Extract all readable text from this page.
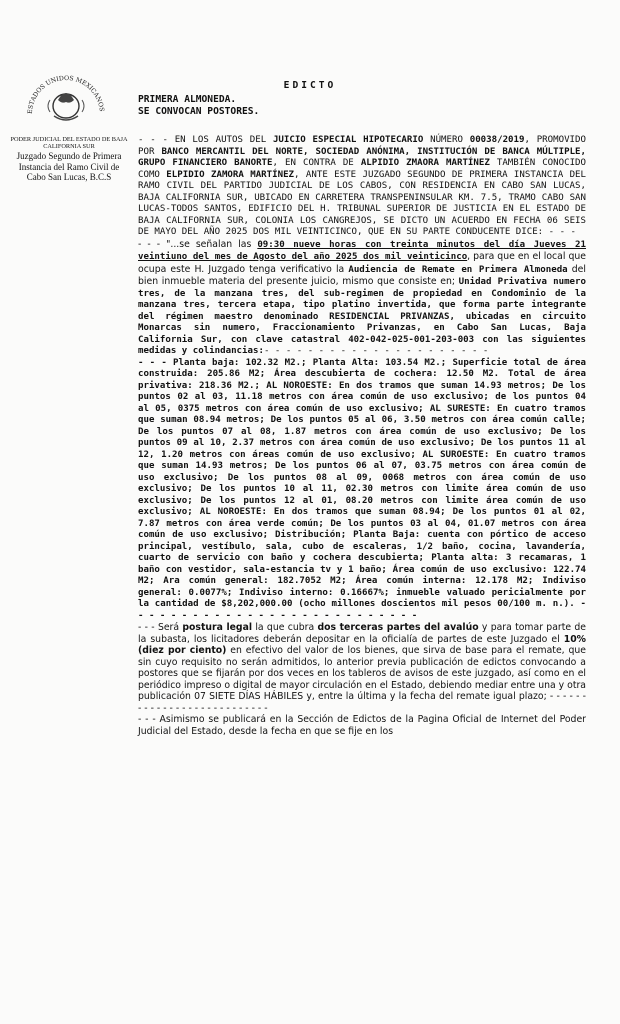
ESTADOS UNIDOS MEXICANOS
PODER JUDICIAL DEL ESTADO DE BAJA
CALIFORNIA SUR
Juzgado Segundo de Primera
Instancia del Ramo Civil de
Cabo San Lucas, B.C.S
EDICTO
PRIMERA ALMONEDA.
SE CONVOCAN POSTORES.

- - - EN LOS AUTOS DEL JUICIO ESPECIAL HIPOTECARIO NÚMERO 00038/2019, PROMOVIDO POR BANCO MERCANTIL DEL NORTE, SOCIEDAD ANÓNIMA, INSTITUCIÓN DE BANCA MÚLTIPLE, GRUPO FINANCIERO BANORTE, EN CONTRA DE ALPIDIO ZMAORA MARTÍNEZ TAMBIÉN CONOCIDO COMO ELPIDIO ZAMORA MARTÍNEZ, ANTE ESTE JUZGADO SEGUNDO DE PRIMERA INSTANCIA DEL RAMO CIVIL DEL PARTIDO JUDICIAL DE LOS CABOS, CON RESIDENCIA EN CABO SAN LUCAS, BAJA CALIFORNIA SUR, UBICADO EN CARRETERA TRANSPENINSULAR KM. 7.5, TRAMO CABO SAN LUCAS-TODOS SANTOS, EDIFICIO DEL H. TRIBUNAL SUPERIOR DE JUSTICIA EN EL ESTADO DE BAJA CALIFORNIA SUR, COLONIA LOS CANGREJOS, SE DICTO UN ACUERDO EN FECHA 06 SEIS DE MAYO DEL AÑO 2025 DOS MIL VEINTICINCO, QUE EN SU PARTE CONDUCENTE DICE: - - -

- - - "...se señalan las 09:30 nueve horas con treinta minutos del día Jueves 21 veintiuno del mes de Agosto del año 2025 dos mil veinticinco, para que en el local que ocupa este H. Juzgado tenga verificativo la Audiencia de Remate en Primera Almoneda del bien inmueble materia del presente juicio, mismo que consiste en; Unidad Privativa numero tres, de la manzana tres, del sub-regimen de propiedad en Condominio de la manzana tres, tercera etapa, tipo platino invertida, que forma parte integrante del régimen maestro denominado RESIDENCIAL PRIVANZAS, ubicadas en circuito Monarcas sin numero, Fraccionamiento Privanzas, en Cabo San Lucas, Baja California Sur, con clave catastral 402-042-025-001-203-003 con las siguientes medidas y colindancias:- - - - - - - - - - - - - - - - - - - - -

- - - Planta baja: 102.32 M2.; Planta Alta: 103.54 M2.; Superficie total de área construida: 205.86 M2; Área descubierta de cochera: 12.50 M2. Total de área privativa: 218.36 M2.; AL NOROESTE: En dos tramos que suman 14.93 metros; De los puntos 02 al 03, 11.18 metros con área común de uso exclusivo; de los puntos 04 al 05, 0375 metros con área común de uso exclusivo; AL SURESTE: En cuatro tramos que suman 08.94 metros; De los puntos 05 al 06, 3.50 metros con área común calle; De los puntos 07 al 08, 1.87 metros con área común de uso exclusivo; De los puntos 09 al 10, 2.37 metros con área común de uso exclusivo; De los puntos 11 al 12, 1.20 metros con áreas común de uso exclusivo; AL SUROESTE: En cuatro tramos que suman 14.93 metros; De los puntos 06 al 07, 03.75 metros con área común de uso exclusivo; De los puntos 08 al 09, 0068 metros con área común de uso exclusivo; De los puntos 10 al 11, 02.30 metros con limite área común de uso exclusivo; De los puntos 12 al 01, 08.20 metros con limite área común de uso exclusivo; AL NOROESTE: En dos tramos que suman 08.94; De los puntos 01 al 02, 7.87 metros con área verde común; De los puntos 03 al 04, 01.07 metros con área común de uso exclusivo; Distribución; Planta Baja: cuenta con pórtico de acceso principal, vestíbulo, sala, cubo de escaleras, 1/2 baño, cocina, lavandería, cuarto de servicio con baño y cochera descubierta; Planta alta: 3 recamaras, 1 baño con vestidor, sala-estancia tv y 1 baño; Área común de uso exclusivo: 122.74 M2; Ara común general: 182.7052 M2; Área común interna: 12.178 M2; Indiviso general: 0.0077%; Indiviso interno: 0.16667%; inmueble valuado pericialmente por la cantidad de $8,202,000.00 (ocho millones doscientos mil pesos 00/100 m. n.). - - - - - - - - - - - - - - - - - - - - - - - - - - -

- - - Será postura legal la que cubra dos terceras partes del avalúo y para tomar parte de la subasta, los licitadores deberán depositar en la oficialía de partes de este Juzgado el 10% (diez por ciento) en efectivo del valor de los bienes, que sirva de base para el remate, que sin cuyo requisito no serán admitidos, lo anterior previa publicación de edictos convocando a postores que se fijarán por dos veces en los tableros de avisos de este juzgado, así como en el periódico impreso o digital de mayor circulación en el Estado, debiendo mediar entre una y otra publicación 07 SIETE DÍAS HÁBILES y, entre la última y la fecha del remate igual plazo; - - - - - - - - - - - - - - - - - - - - - - - - - - -

- - - Asimismo se publicará en la Sección de Edictos de la Pagina Oficial de Internet del Poder Judicial del Estado, desde la fecha en que se fije en los
